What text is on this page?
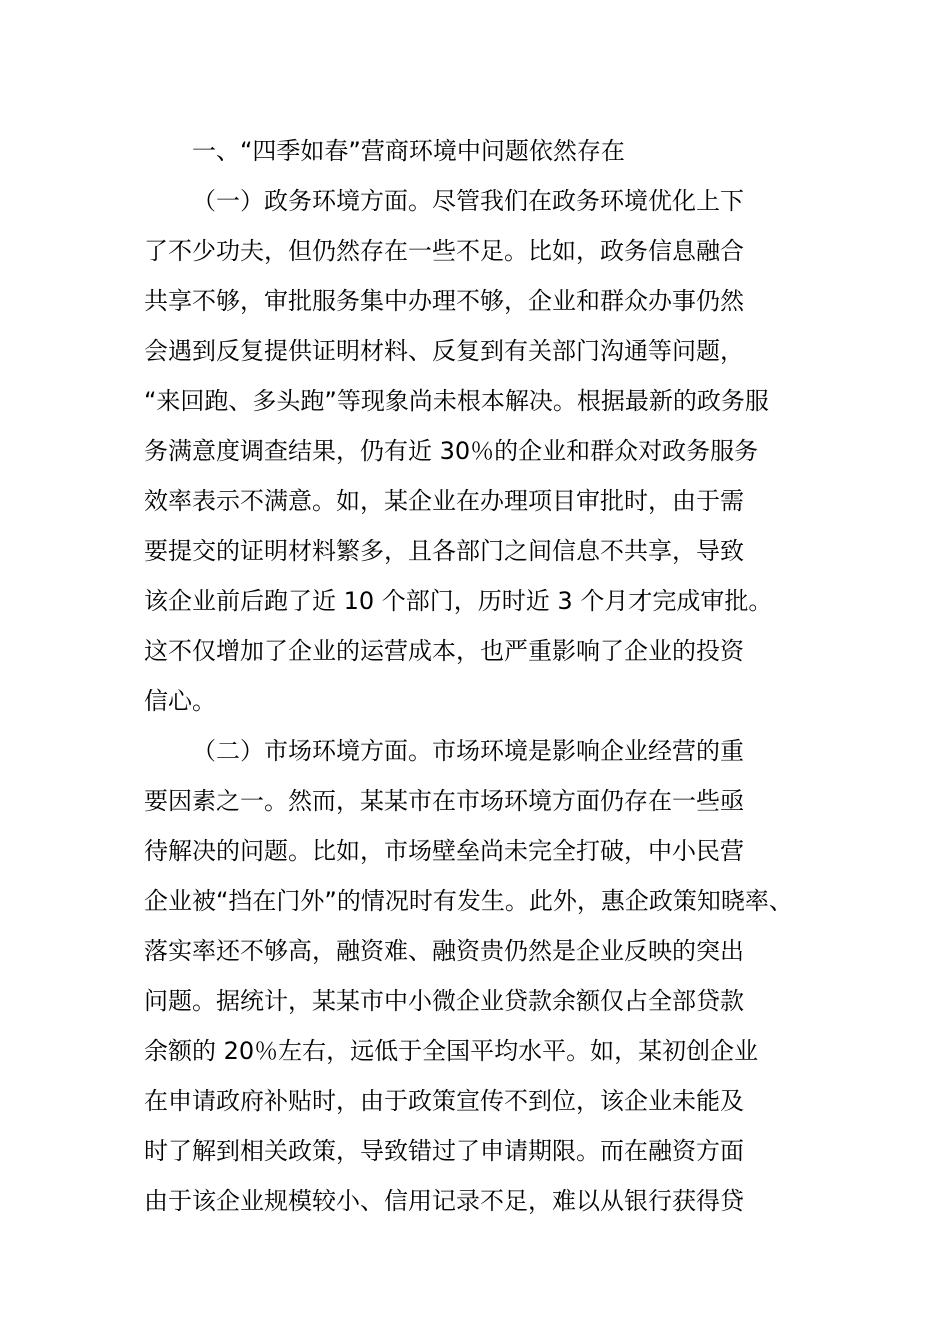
一、“四季如春”营商环境中问题依然存在
（一）政务环境方面。尽管我们在政务环境优化上下
了不少功夫，但仍然存在一些不足。比如，政务信息融合
共享不够，审批服务集中办理不够，企业和群众办事仍然
会遇到反复提供证明材料、反复到有关部门沟通等问题，
“来回跑、多头跑”等现象尚未根本解决。根据最新的政务服
务满意度调查结果，仍有近 30％的企业和群众对政务服务
效率表示不满意。如，某企业在办理项目审批时，由于需
要提交的证明材料繁多，且各部门之间信息不共享，导致
该企业前后跑了近 10 个部门，历时近 3 个月才完成审批。
这不仅增加了企业的运营成本，也严重影响了企业的投资
信心。
（二）市场环境方面。市场环境是影响企业经营的重
要因素之一。然而，某某市在市场环境方面仍存在一些亟
待解决的问题。比如，市场壁垒尚未完全打破，中小民营
企业被“挡在门外”的情况时有发生。此外，惠企政策知晓率、
落实率还不够高，融资难、融资贵仍然是企业反映的突出
问题。据统计，某某市中小微企业贷款余额仅占全部贷款
余额的 20％左右，远低于全国平均水平。如，某初创企业
在申请政府补贴时，由于政策宣传不到位，该企业未能及
时了解到相关政策，导致错过了申请期限。而在融资方面
由于该企业规模较小、信用记录不足，难以从银行获得贷
